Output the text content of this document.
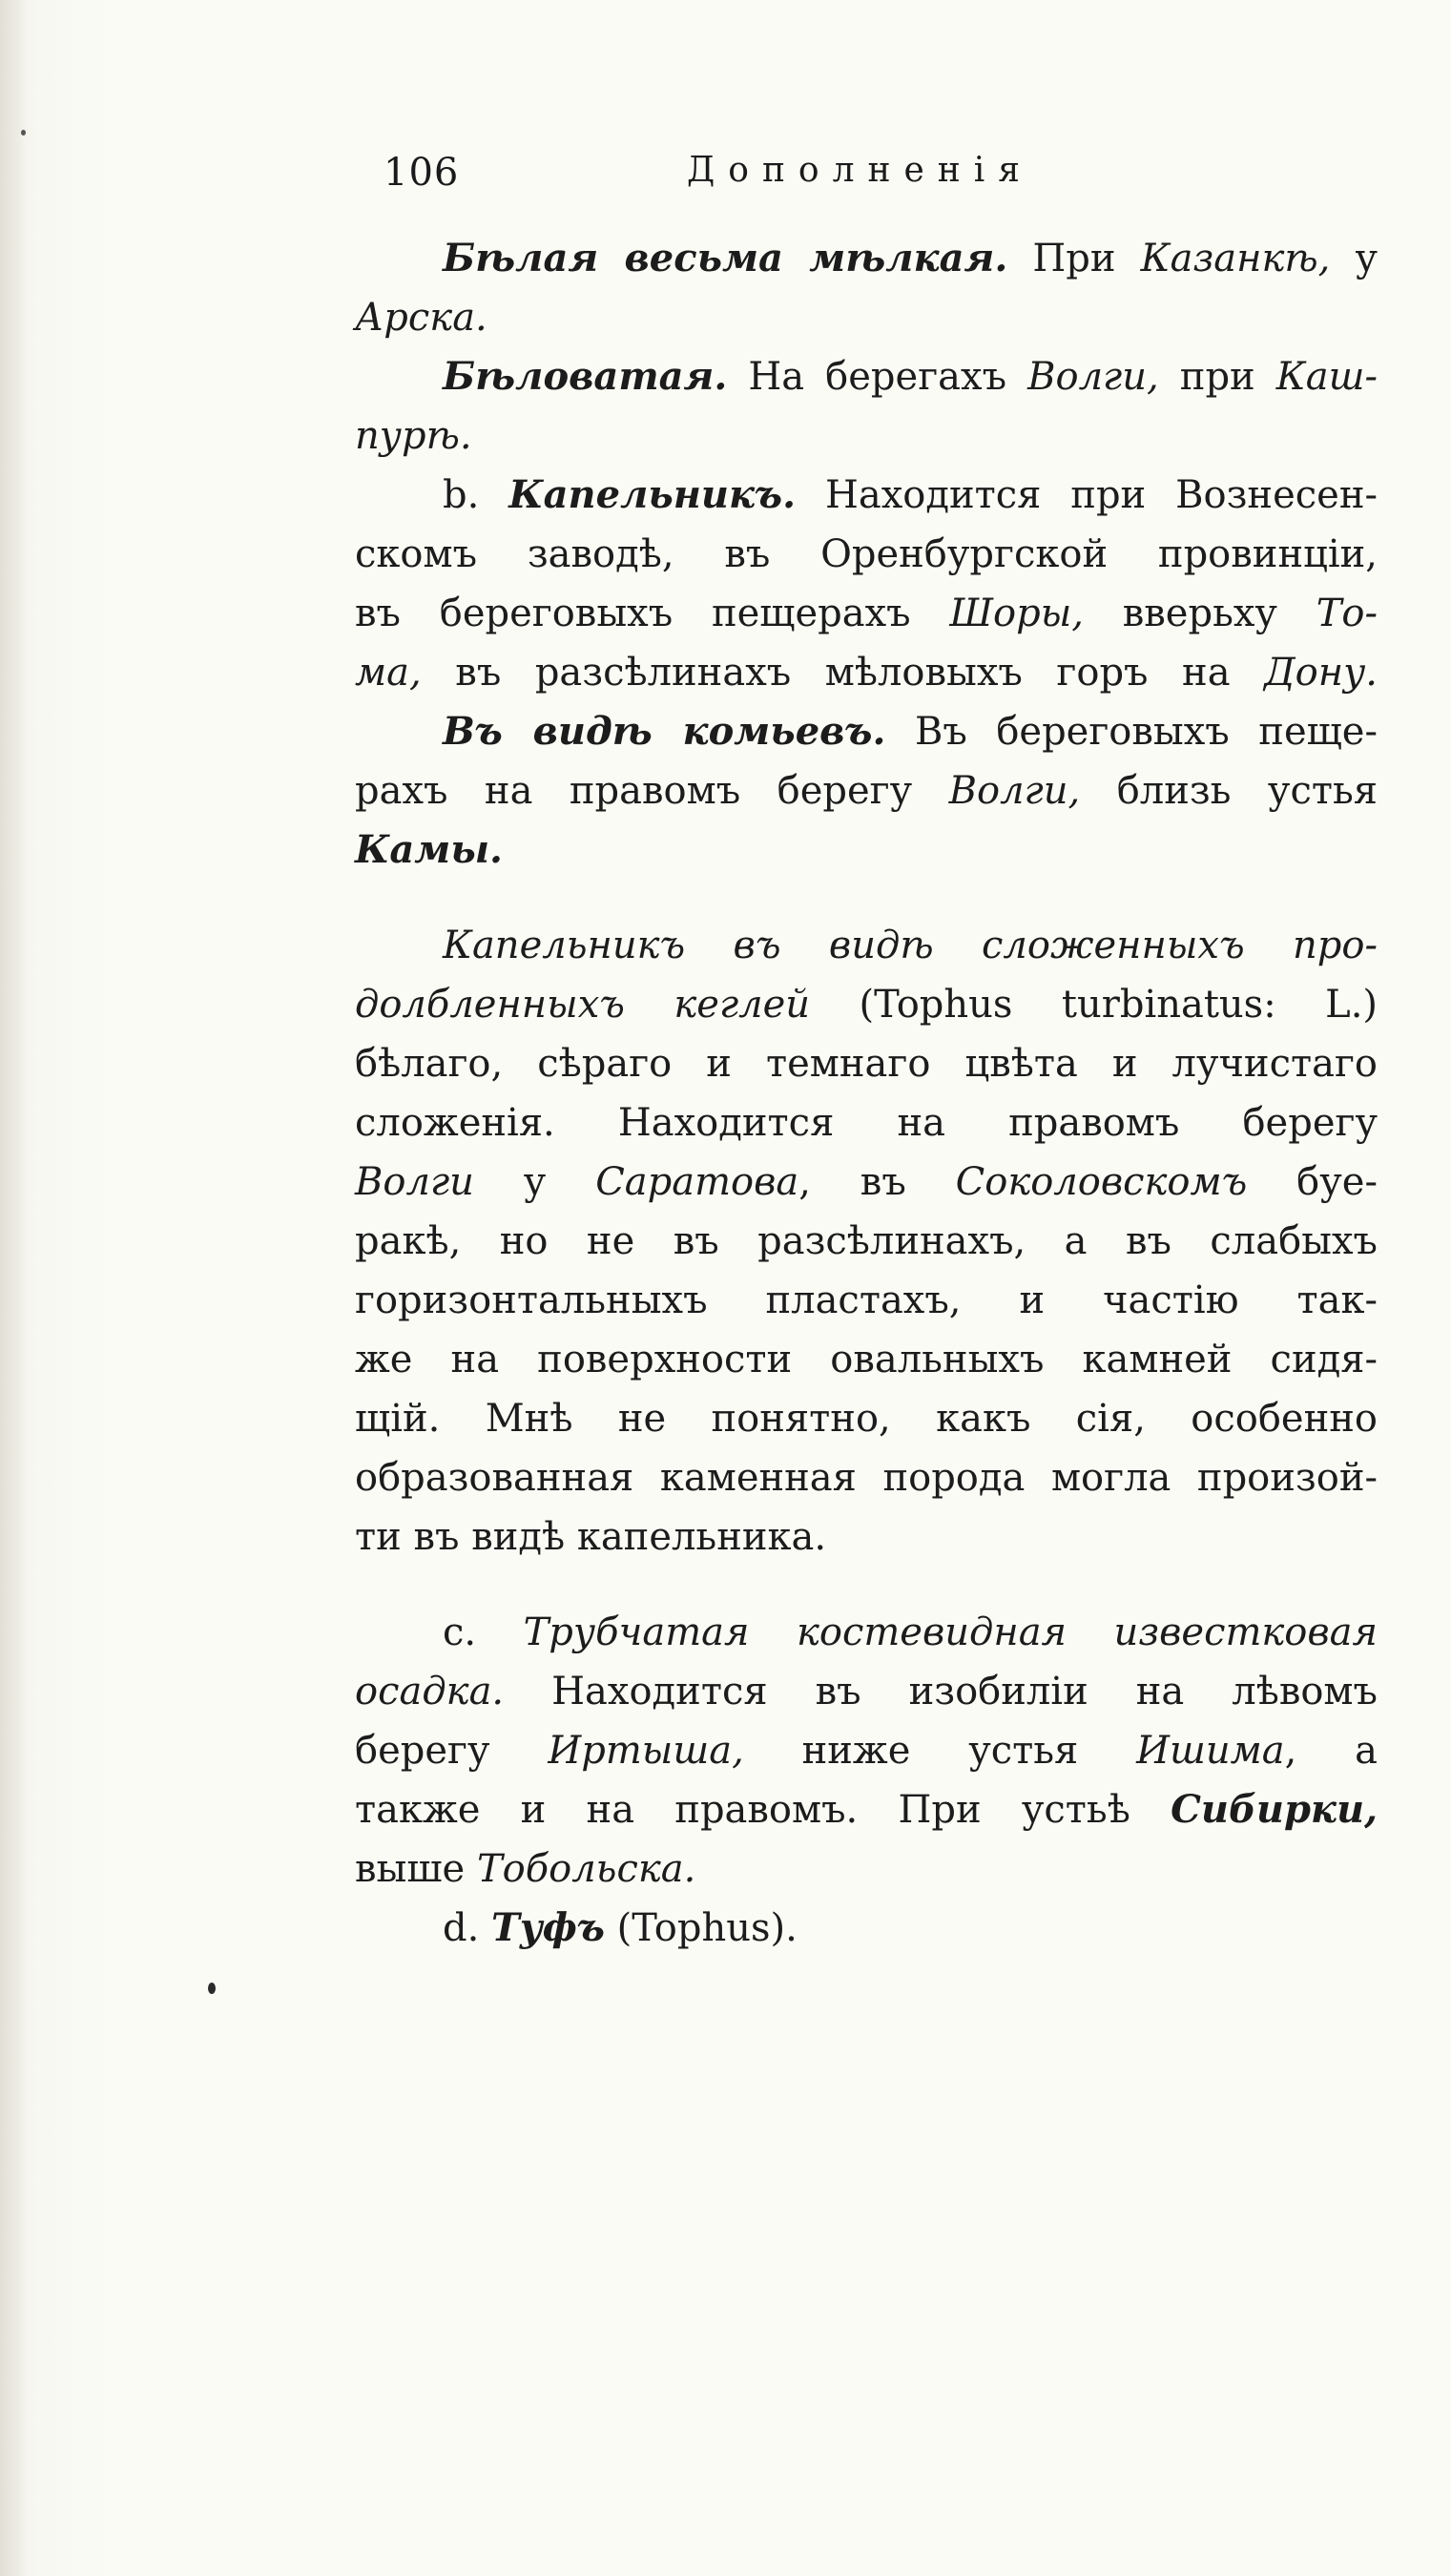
106	Дополненія
Бѣлая весьма мѣлкая. При Казанкѣ, у
Арска.
Бѣловатая. На берегахъ Волги, при Каш-
пурѣ.
b. Капельникъ. Находится при Вознесен-
скомъ заводѣ, въ Оренбургской провинціи,
въ береговыхъ пещерахъ Шоры, вверьху То-
ма, въ разсѣлинахъ мѣловыхъ горъ на Дону.
Въ видѣ комьевъ. Въ береговыхъ пеще-
рахъ на правомъ берегу Волги, близь устья
Камы.
Капельникъ въ видѣ сложенныхъ про-
долбленныхъ кеглей (Tophus turbinatus: L.)
бѣлаго, сѣраго и темнаго цвѣта и лучистаго
сложенія. Находится на правомъ берегу
Волги у Саратова, въ Соколовскомъ буе-
ракѣ, но не въ разсѣлинахъ, а въ слабыхъ
горизонтальныхъ пластахъ, и частію так-
же на поверхности овальныхъ камней сидя-
щій. Мнѣ не понятно, какъ сія, особенно
образованная каменная порода могла произой-
ти въ видѣ капельника.
c. Трубчатая костевидная известковая
осадка. Находится въ изобиліи на лѣвомъ
берегу Иртыша, ниже устья Ишима, а
также и на правомъ. При устьѣ Сибирки,
выше Тобольска.
d. Туфъ (Tophus).
